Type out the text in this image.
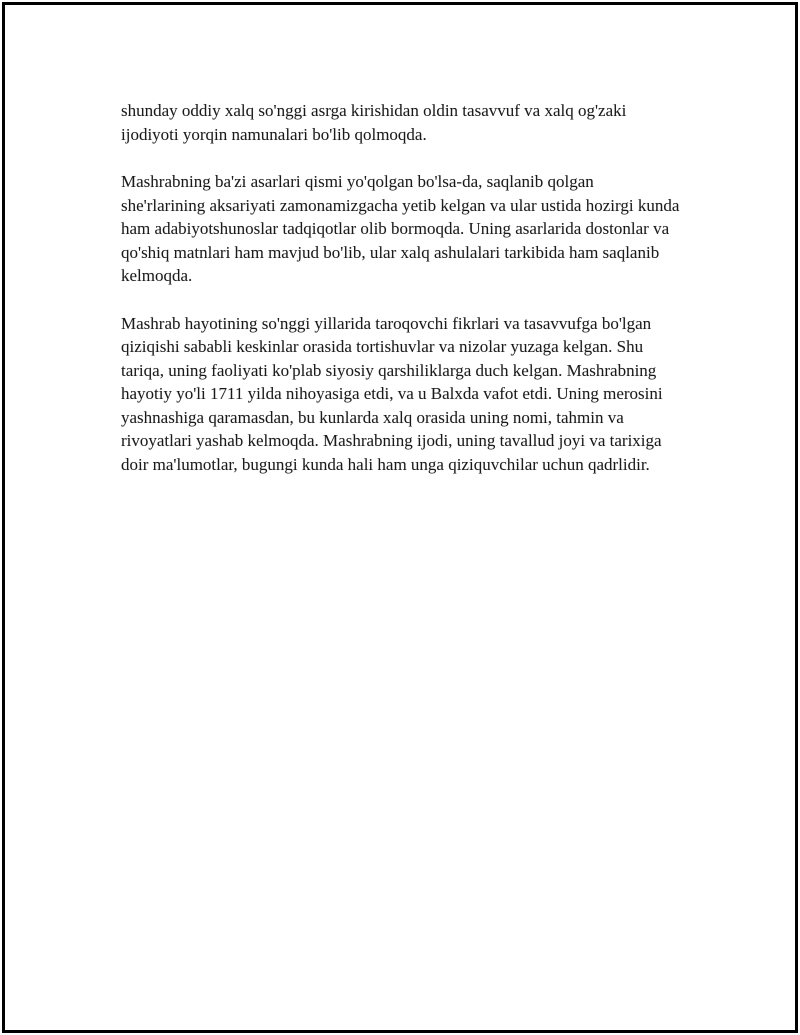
shunday oddiy xalq so'nggi asrga kirishidan oldin tasavvuf va xalq og'zaki ijodiyoti yorqin namunalari bo'lib qolmoqda.

Mashrabning ba'zi asarlari qismi yo'qolgan bo'lsa-da, saqlanib qolgan she'rlarining aksariyati zamonamizgacha yetib kelgan va ular ustida hozirgi kunda ham adabiyotshunoslar tadqiqotlar olib bormoqda. Uning asarlarida dostonlar va qo'shiq matnlari ham mavjud bo'lib, ular xalq ashulalari tarkibida ham saqlanib kelmoqda.

Mashrab hayotining so'nggi yillarida taroqovchi fikrlari va tasavvufga bo'lgan qiziqishi sababli keskinlar orasida tortishuvlar va nizolar yuzaga kelgan. Shu tariqa, uning faoliyati ko'plab siyosiy qarshiliklarga duch kelgan. Mashrabning hayotiy yo'li 1711 yilda nihoyasiga etdi, va u Balxda vafot etdi. Uning merosini yashnashiga qaramasdan, bu kunlarda xalq orasida uning nomi, tahmin va rivoyatlari yashab kelmoqda. Mashrabning ijodi, uning tavallud joyi va tarixiga doir ma'lumotlar, bugungi kunda hali ham unga qiziquvchilar uchun qadrlidir.
